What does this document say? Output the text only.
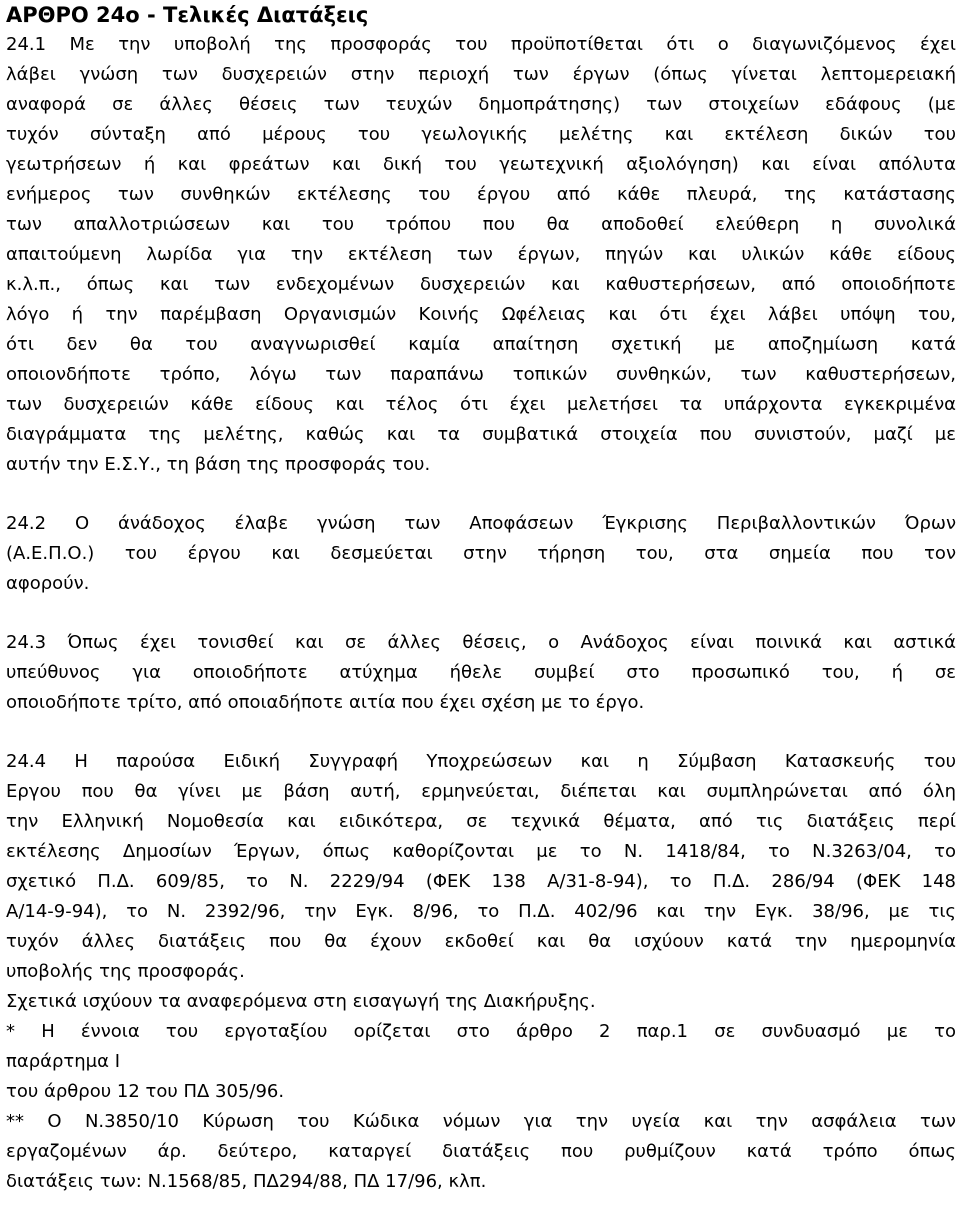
ΑΡΘΡΟ 24ο - Τελικές Διατάξεις
24.1 Με την υποβολή της προσφοράς του προϋποτίθεται ότι ο διαγωνιζόμενος έχει
λάβει γνώση των δυσχερειών στην περιοχή των έργων (όπως γίνεται λεπτομερειακή
αναφορά σε άλλες θέσεις των τευχών δημοπράτησης) των στοιχείων εδάφους (με
τυχόν σύνταξη από μέρους του γεωλογικής μελέτης και εκτέλεση δικών του
γεωτρήσεων ή και φρεάτων και δική του γεωτεχνική αξιολόγηση) και είναι απόλυτα
ενήμερος των συνθηκών εκτέλεσης του έργου από κάθε πλευρά, της κατάστασης
των απαλλοτριώσεων και του τρόπου που θα αποδοθεί ελεύθερη η συνολικά
απαιτούμενη λωρίδα για την εκτέλεση των έργων, πηγών και υλικών κάθε είδους
κ.λ.π., όπως και των ενδεχομένων δυσχερειών και καθυστερήσεων, από οποιοδήποτε
λόγο ή την παρέμβαση Οργανισμών Κοινής Ωφέλειας και ότι έχει λάβει υπόψη του,
ότι δεν θα του αναγνωρισθεί καμία απαίτηση σχετική με αποζημίωση κατά
οποιονδήποτε τρόπο, λόγω των παραπάνω τοπικών συνθηκών, των καθυστερήσεων,
των δυσχερειών κάθε είδους και τέλος ότι έχει μελετήσει τα υπάρχοντα εγκεκριμένα
διαγράμματα της μελέτης, καθώς και τα συμβατικά στοιχεία που συνιστούν, μαζί με
αυτήν την Ε.Σ.Υ., τη βάση της προσφοράς του.
24.2 Ο άνάδοχος έλαβε γνώση των Αποφάσεων Έγκρισης Περιβαλλοντικών Όρων
(Α.Ε.Π.Ο.) του έργου και δεσμεύεται στην τήρηση του, στα σημεία που τον
αφορούν.
24.3 Όπως έχει τονισθεί και σε άλλες θέσεις, ο Ανάδοχος είναι ποινικά και αστικά
υπεύθυνος για οποιοδήποτε ατύχημα ήθελε συμβεί στο προσωπικό του, ή σε
οποιοδήποτε τρίτο, από οποιαδήποτε αιτία που έχει σχέση με το έργο.
24.4 Η παρούσα Ειδική Συγγραφή Υποχρεώσεων και η Σύμβαση Κατασκευής του
Εργου που θα γίνει με βάση αυτή, ερμηνεύεται, διέπεται και συμπληρώνεται από όλη
την Ελληνική Νομοθεσία και ειδικότερα, σε τεχνικά θέματα, από τις διατάξεις περί
εκτέλεσης Δημοσίων Έργων, όπως καθορίζονται με το Ν. 1418/84, το Ν.3263/04, το
σχετικό Π.Δ. 609/85, το Ν. 2229/94 (ΦΕΚ 138 Α/31-8-94), το Π.Δ. 286/94 (ΦΕΚ 148
Α/14-9-94), το Ν. 2392/96, την Εγκ. 8/96, το Π.Δ. 402/96 και την Εγκ. 38/96, με τις
τυχόν άλλες διατάξεις που θα έχουν εκδοθεί και θα ισχύουν κατά την ημερομηνία
υποβολής της προσφοράς.
Σχετικά ισχύουν τα αναφερόμενα στη εισαγωγή της Διακήρυξης.
* Η έννοια του εργοταξίου ορίζεται στο άρθρο 2 παρ.1 σε συνδυασμό με το
παράρτημα Ι
του άρθρου 12 του ΠΔ 305/96.
** Ο Ν.3850/10 Κύρωση του Κώδικα νόμων για την υγεία και την ασφάλεια των
εργαζομένων άρ. δεύτερο, καταργεί διατάξεις που ρυθμίζουν κατά τρόπο όπως
διατάξεις των: Ν.1568/85, ΠΔ294/88, ΠΔ 17/96, κλπ.
